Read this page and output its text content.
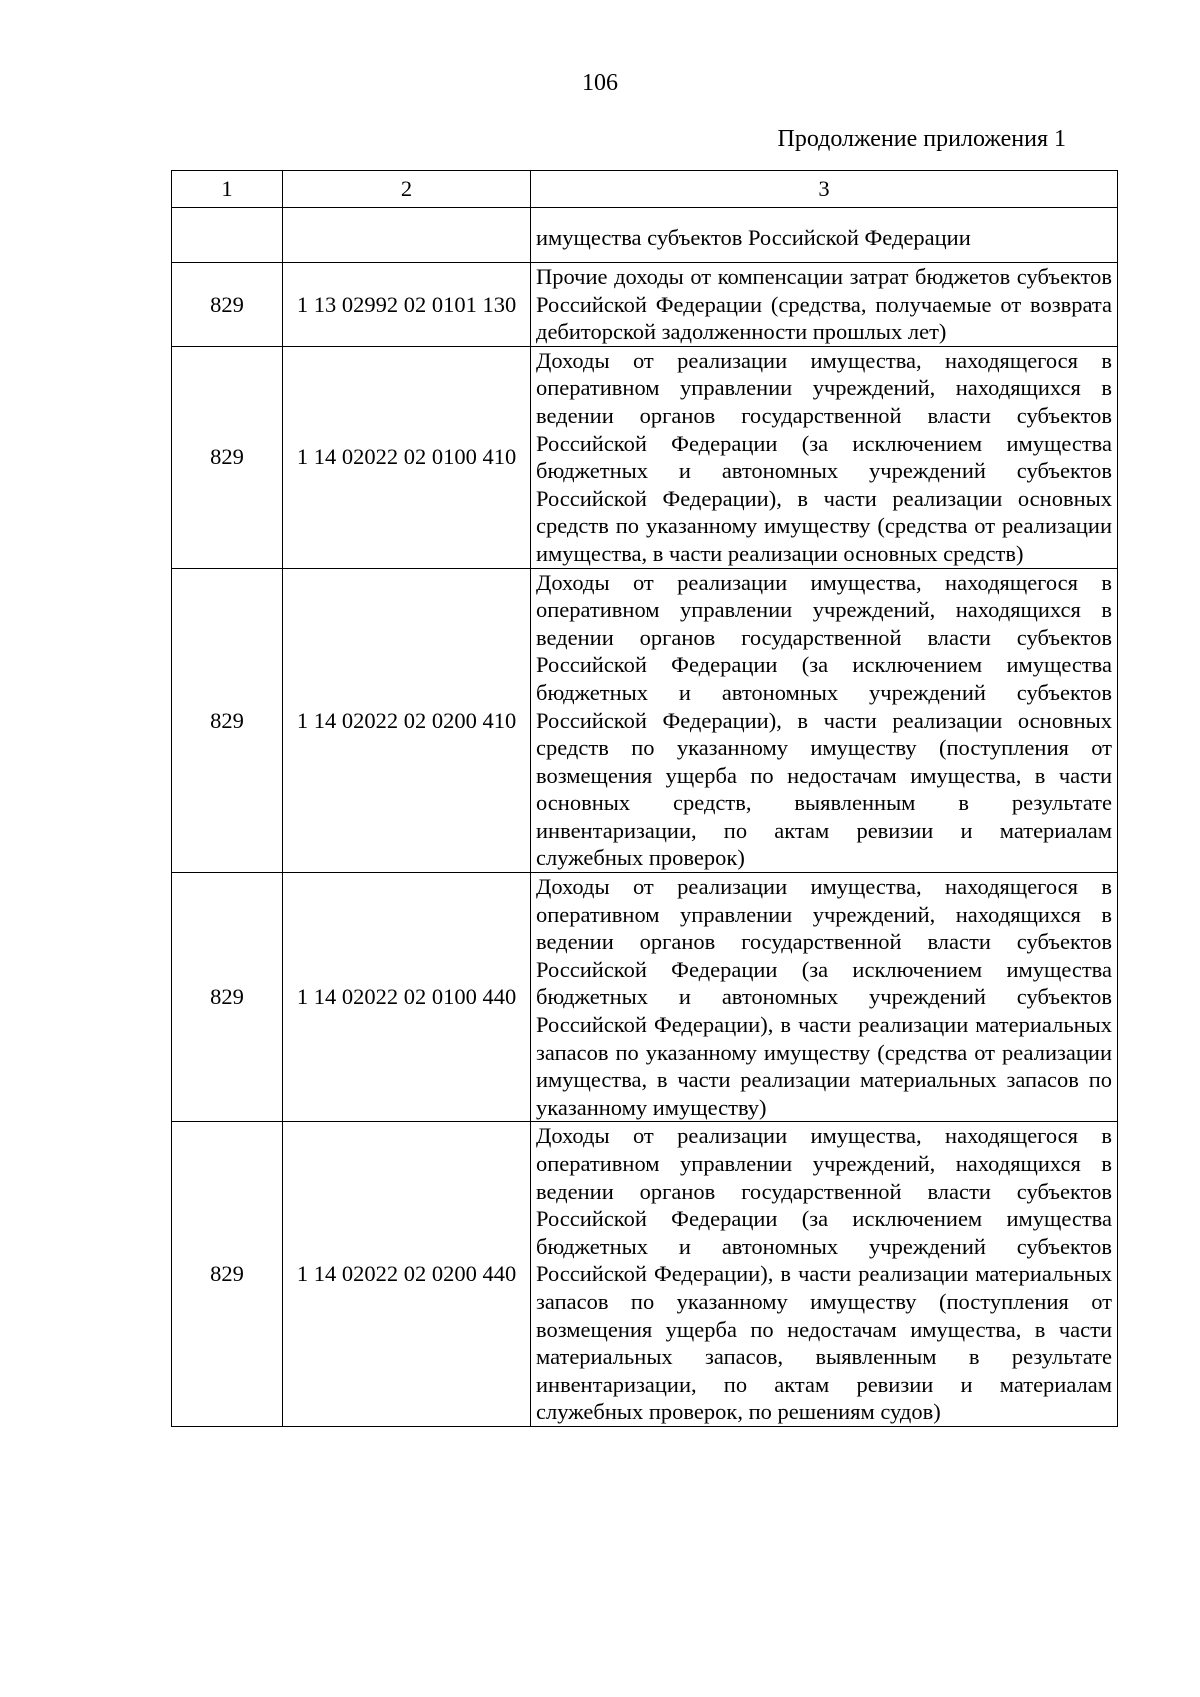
106
Продолжение приложения 1
1	2	3
		имущества субъектов Российской Федерации
829	1 13 02992 02 0101 130	Прочие доходы от компенсации затрат бюджетов субъектов Российской Федерации (средства, получаемые от возврата дебиторской задолженности прошлых лет)
829	1 14 02022 02 0100 410	Доходы от реализации имущества, находящегося в оперативном управлении учреждений, находящихся в ведении органов государственной власти субъектов Российской Федерации (за исключением имущества бюджетных и автономных учреждений субъектов Российской Федерации), в части реализации основных средств по указанному имуществу (средства от реализации имущества, в части реализации основных средств)
829	1 14 02022 02 0200 410	Доходы от реализации имущества, находящегося в оперативном управлении учреждений, находящихся в ведении органов государственной власти субъектов Российской Федерации (за исключением имущества бюджетных и автономных учреждений субъектов Российской Федерации), в части реализации основных средств по указанному имуществу (поступления от возмещения ущерба по недостачам имущества, в части основных средств, выявленным в результате инвентаризации, по актам ревизии и материалам служебных проверок)
829	1 14 02022 02 0100 440	Доходы от реализации имущества, находящегося в оперативном управлении учреждений, находящихся в ведении органов государственной власти субъектов Российской Федерации (за исключением имущества бюджетных и автономных учреждений субъектов Российской Федерации), в части реализации материальных запасов по указанному имуществу (средства от реализации имущества, в части реализации материальных запасов по указанному имуществу)
829	1 14 02022 02 0200 440	Доходы от реализации имущества, находящегося в оперативном управлении учреждений, находящихся в ведении органов государственной власти субъектов Российской Федерации (за исключением имущества бюджетных и автономных учреждений субъектов Российской Федерации), в части реализации материальных запасов по указанному имуществу (поступления от возмещения ущерба по недостачам имущества, в части материальных запасов, выявленным в результате инвентаризации, по актам ревизии и материалам служебных проверок, по решениям судов)
